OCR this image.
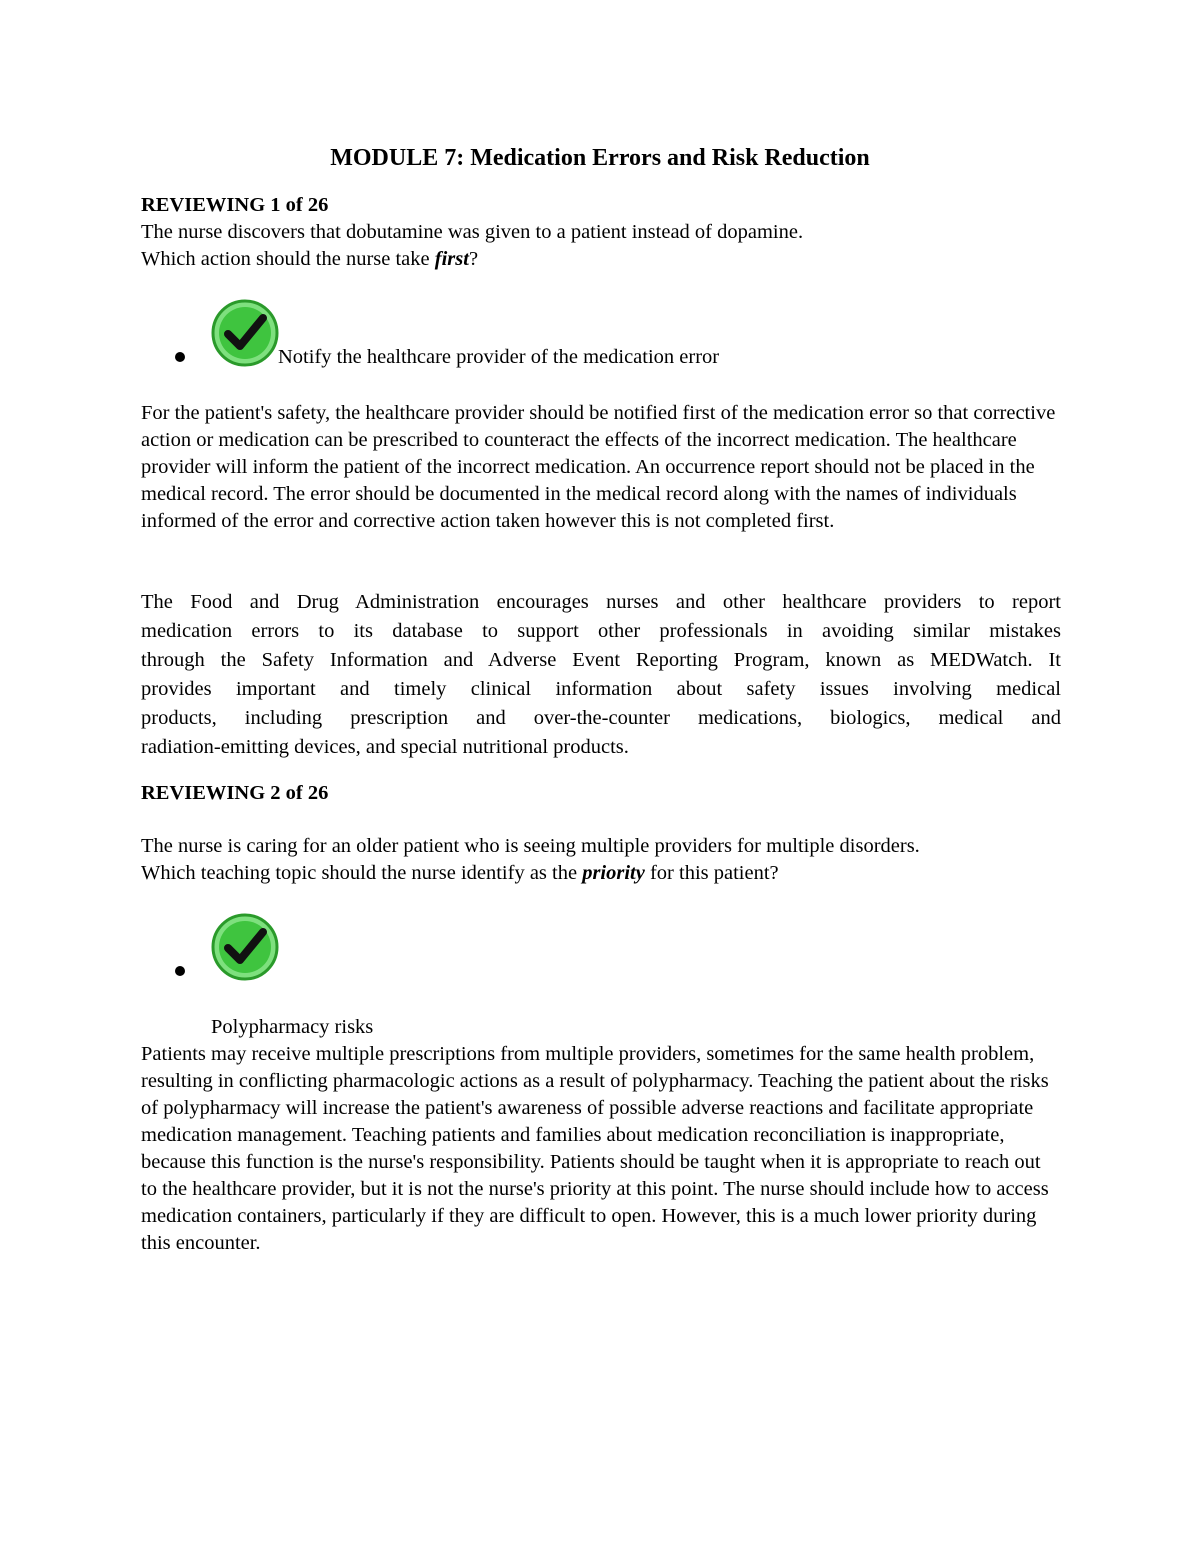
MODULE 7: Medication Errors and Risk Reduction

REVIEWING 1 of 26

The nurse discovers that dobutamine was given to a patient instead of dopamine.

Which action should the nurse take first?

Notify the healthcare provider of the medication error
For the patient's safety, the healthcare provider should be notified first of the medication error so that corrective action or medication can be prescribed to counteract the effects of the incorrect medication. The healthcare provider will inform the patient of the incorrect medication. An occurrence report should not be placed in the medical record. The error should be documented in the medical record along with the names of individuals informed of the error and corrective action taken however this is not completed first.
The Food and Drug Administration encourages nurses and other healthcare providers to report
medication errors to its database to support other professionals in avoiding similar mistakes
through the Safety Information and Adverse Event Reporting Program, known as MEDWatch. It
provides important and timely clinical information about safety issues involving medical
products, including prescription and over-the-counter medications, biologics, medical and
radiation-emitting devices, and special nutritional products.

REVIEWING 2 of 26

The nurse is caring for an older patient who is seeing multiple providers for multiple disorders.

Which teaching topic should the nurse identify as the priority for this patient?

Polypharmacy risks
Patients may receive multiple prescriptions from multiple providers, sometimes for the same health problem, resulting in conflicting pharmacologic actions as a result of polypharmacy. Teaching the patient about the risks of polypharmacy will increase the patient's awareness of possible adverse reactions and facilitate appropriate medication management. Teaching patients and families about medication reconciliation is inappropriate, because this function is the nurse's responsibility. Patients should be taught when it is appropriate to reach out to the healthcare provider, but it is not the nurse's priority at this point. The nurse should include how to access medication containers, particularly if they are difficult to open. However, this is a much lower priority during this encounter.
